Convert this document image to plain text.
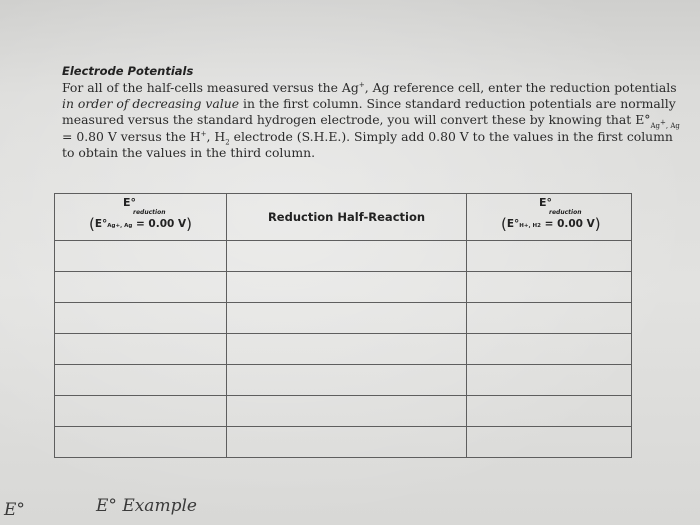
Electrode Potentials
For all of the half-cells measured versus the Ag+, Ag reference cell, enter the reduction potentials
in order of decreasing value in the first column. Since standard reduction potentials are normally
measured versus the standard hydrogen electrode, you will convert these by knowing that $E^\circ_{Ag^+, Ag}$
= 0.80 V versus the H+, $H_2$ electrode (S.H.E.). Simply add 0.80 V to the values in the first column
to obtain the values in the third column.
E°
reduction
(E°Ag+, Ag = 0.00 V)	Reduction Half-Reaction	E°
reduction
(E°H+, H2 = 0.00 V)

E°	E° Example
